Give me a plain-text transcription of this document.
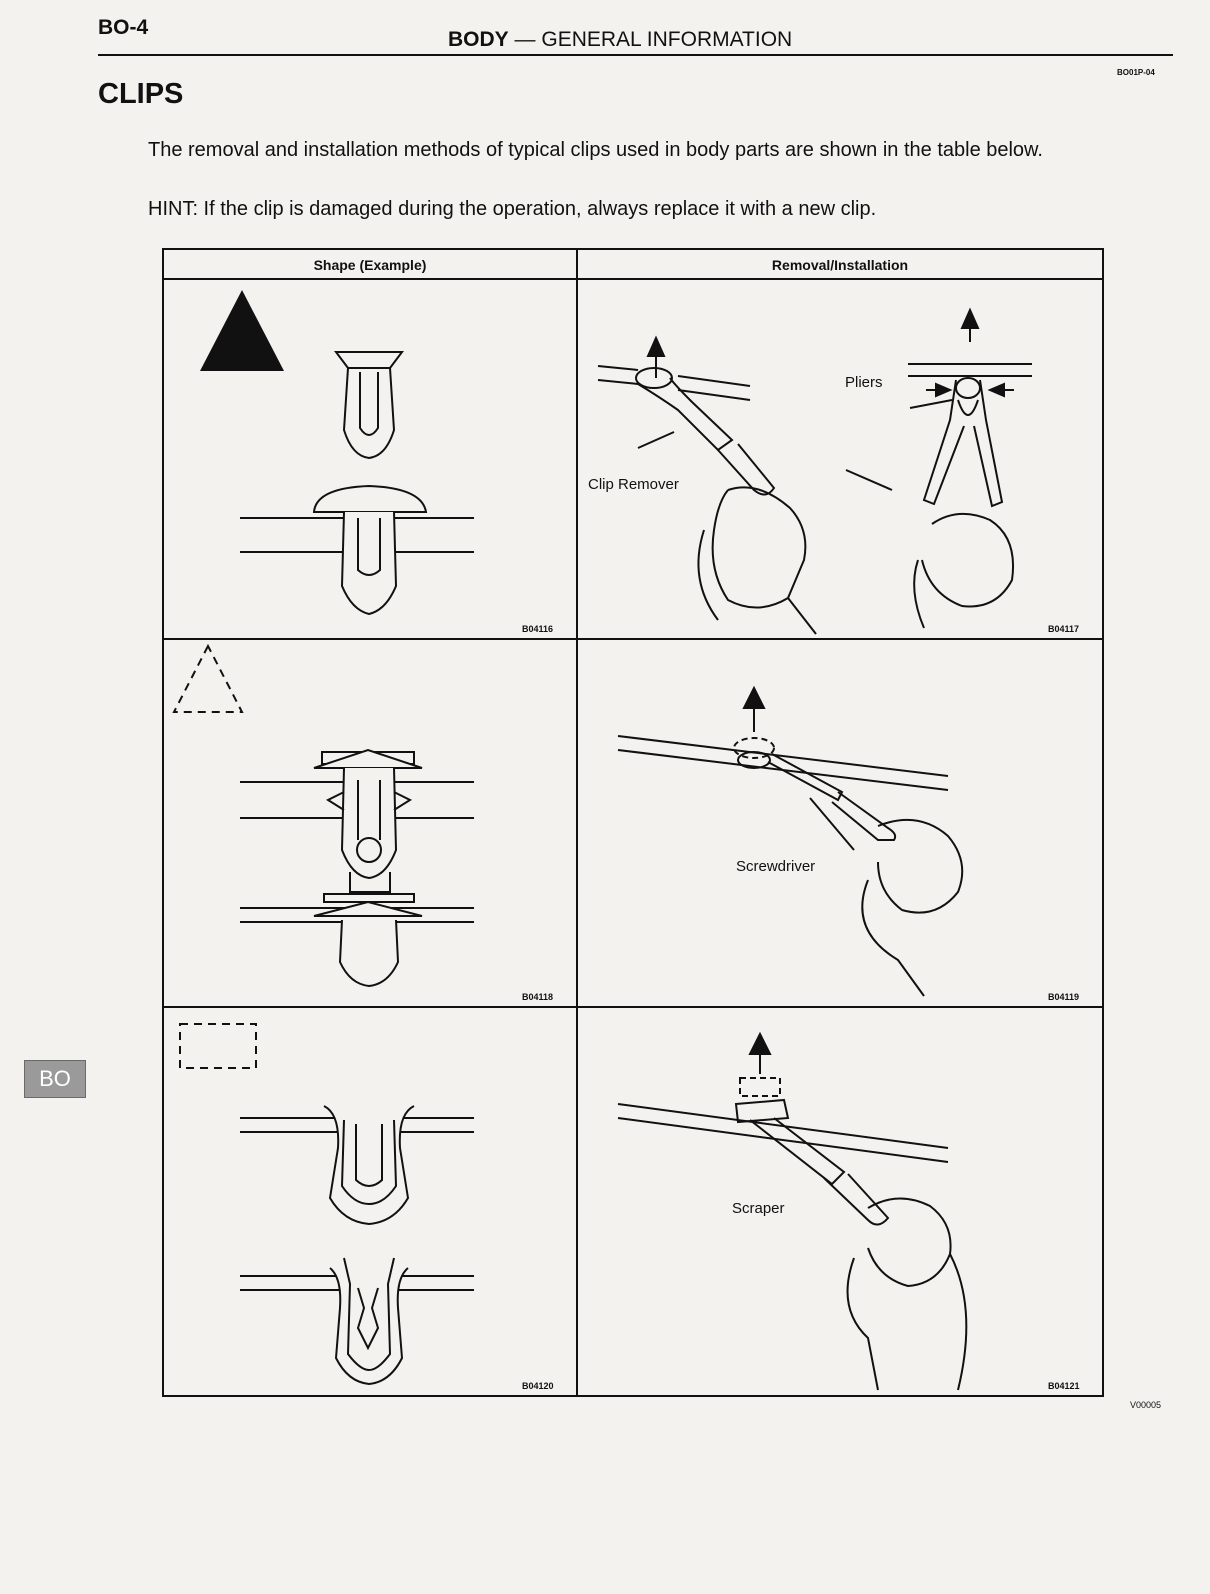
BO-4
BODY — GENERAL INFORMATION
BO01P-04
CLIPS

The removal and installation methods of typical clips used in body parts are shown in the table below.

HINT: If the clip is damaged during the operation, always replace it with a new clip.
Shape (Example)	Removal/Installation
B04116
Pliers
Clip Remover
B04117
B04118
Screwdriver
B04119
B04120
Scraper
B04121
V00005
BO
